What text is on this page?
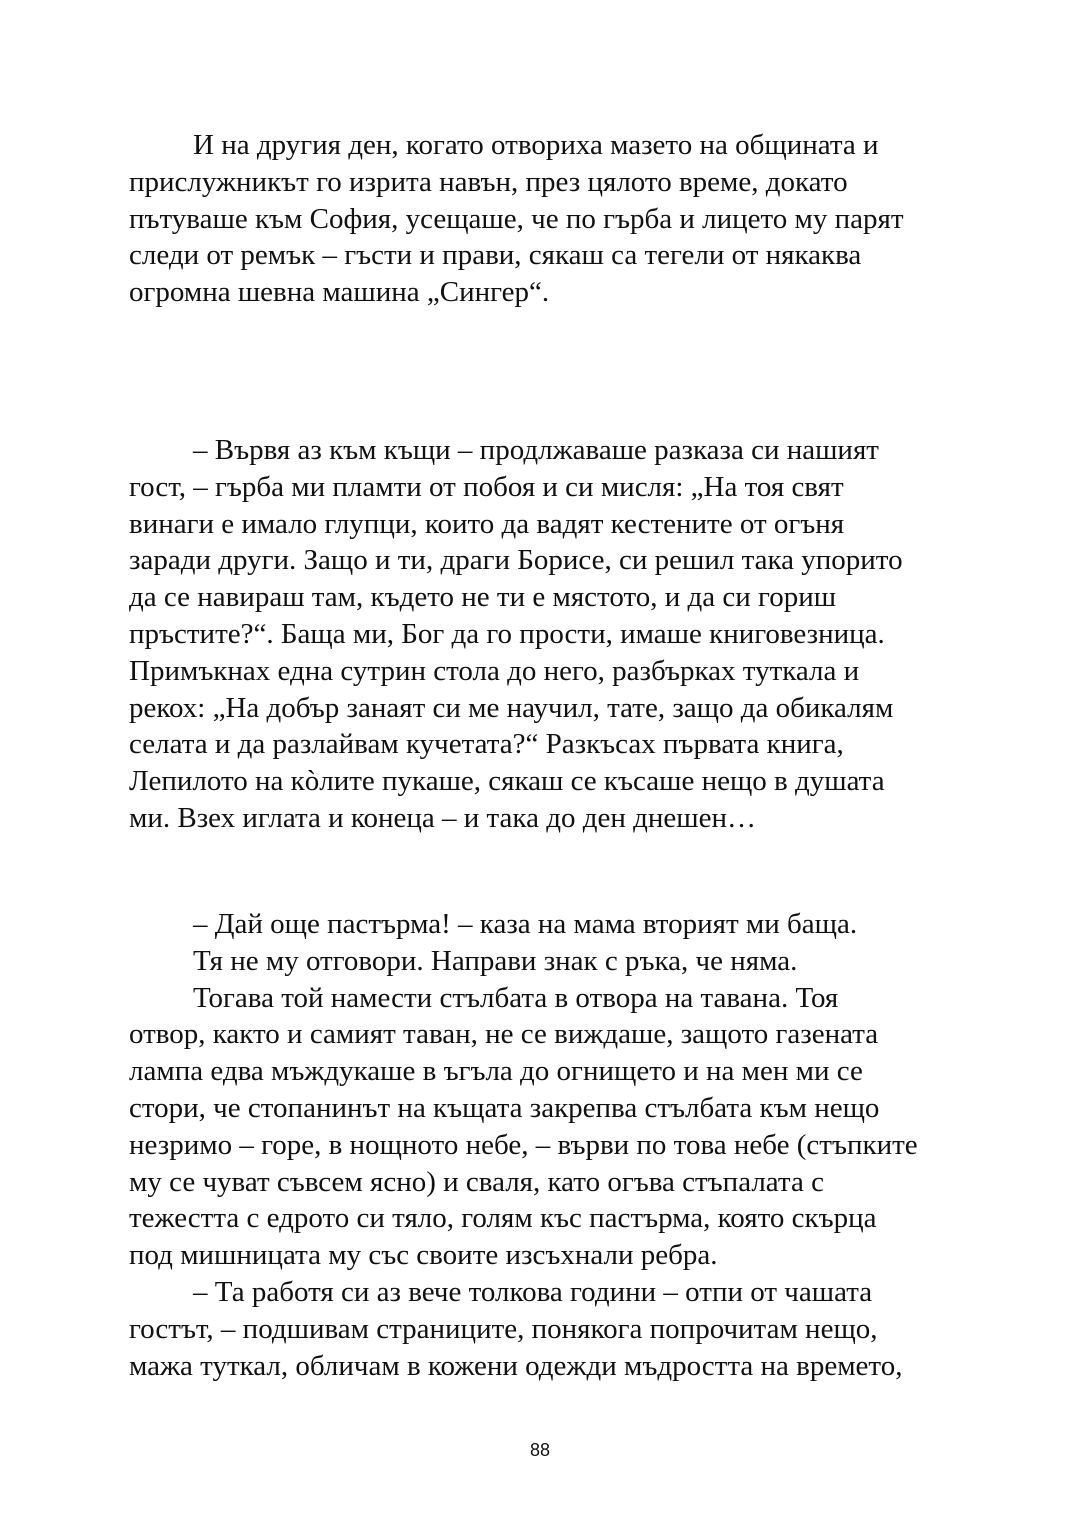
И на другия ден, когато отвориха мазето на общината и
прислужникът го изрита навън, през цялото време, докато
пътуваше към София, усещаше, че по гърба и лицето му парят
следи от ремък – гъсти и прави, сякаш са тегели от някаква
огромна шевна машина „Сингер“.
– Вървя аз към къщи – продлжаваше разказа си нашият
гост, – гърба ми пламти от побоя и си мисля: „На тоя свят
винаги е имало глупци, които да вадят кестените от огъня
заради други. Защо и ти, драги Борисе, си решил така упорито
да се навираш там, където не ти е мястото, и да си гориш
пръстите?“. Баща ми, Бог да го прости, имаше книговезница.
Примъкнах една сутрин стола до него, разбърках туткала и
рекох: „На добър занаят си ме научил, тате, защо да обикалям
селата и да разлайвам кучетата?“ Разкъсах първата книга,
Лепилото на кòлите пукаше, сякаш се късаше нещо в душата
ми. Взех иглата и конеца – и така до ден днешен…
– Дай още пастърма! – каза на мама вторият ми баща.
Тя не му отговори. Направи знак с ръка, че няма.
Тогава той намести стълбата в отвора на тавана. Тоя
отвор, както и самият таван, не се виждаше, защото газената
лампа едва мъждукаше в ъгъла до огнището и на мен ми се
стори, че стопанинът на къщата закрепва стълбата към нещо
незримо – горе, в нощното небе, – върви по това небе (стъпките
му се чуват съвсем ясно) и сваля, като огъва стъпалата с
тежестта с едрото си тяло, голям къс пастърма, която скърца
под мишницата му със своите изсъхнали ребра.
– Та работя си аз вече толкова години – отпи от чашата
гостът, – подшивам страниците, понякога попрочитам нещо,
мажа туткал, обличам в кожени одежди мъдростта на времето,
88
